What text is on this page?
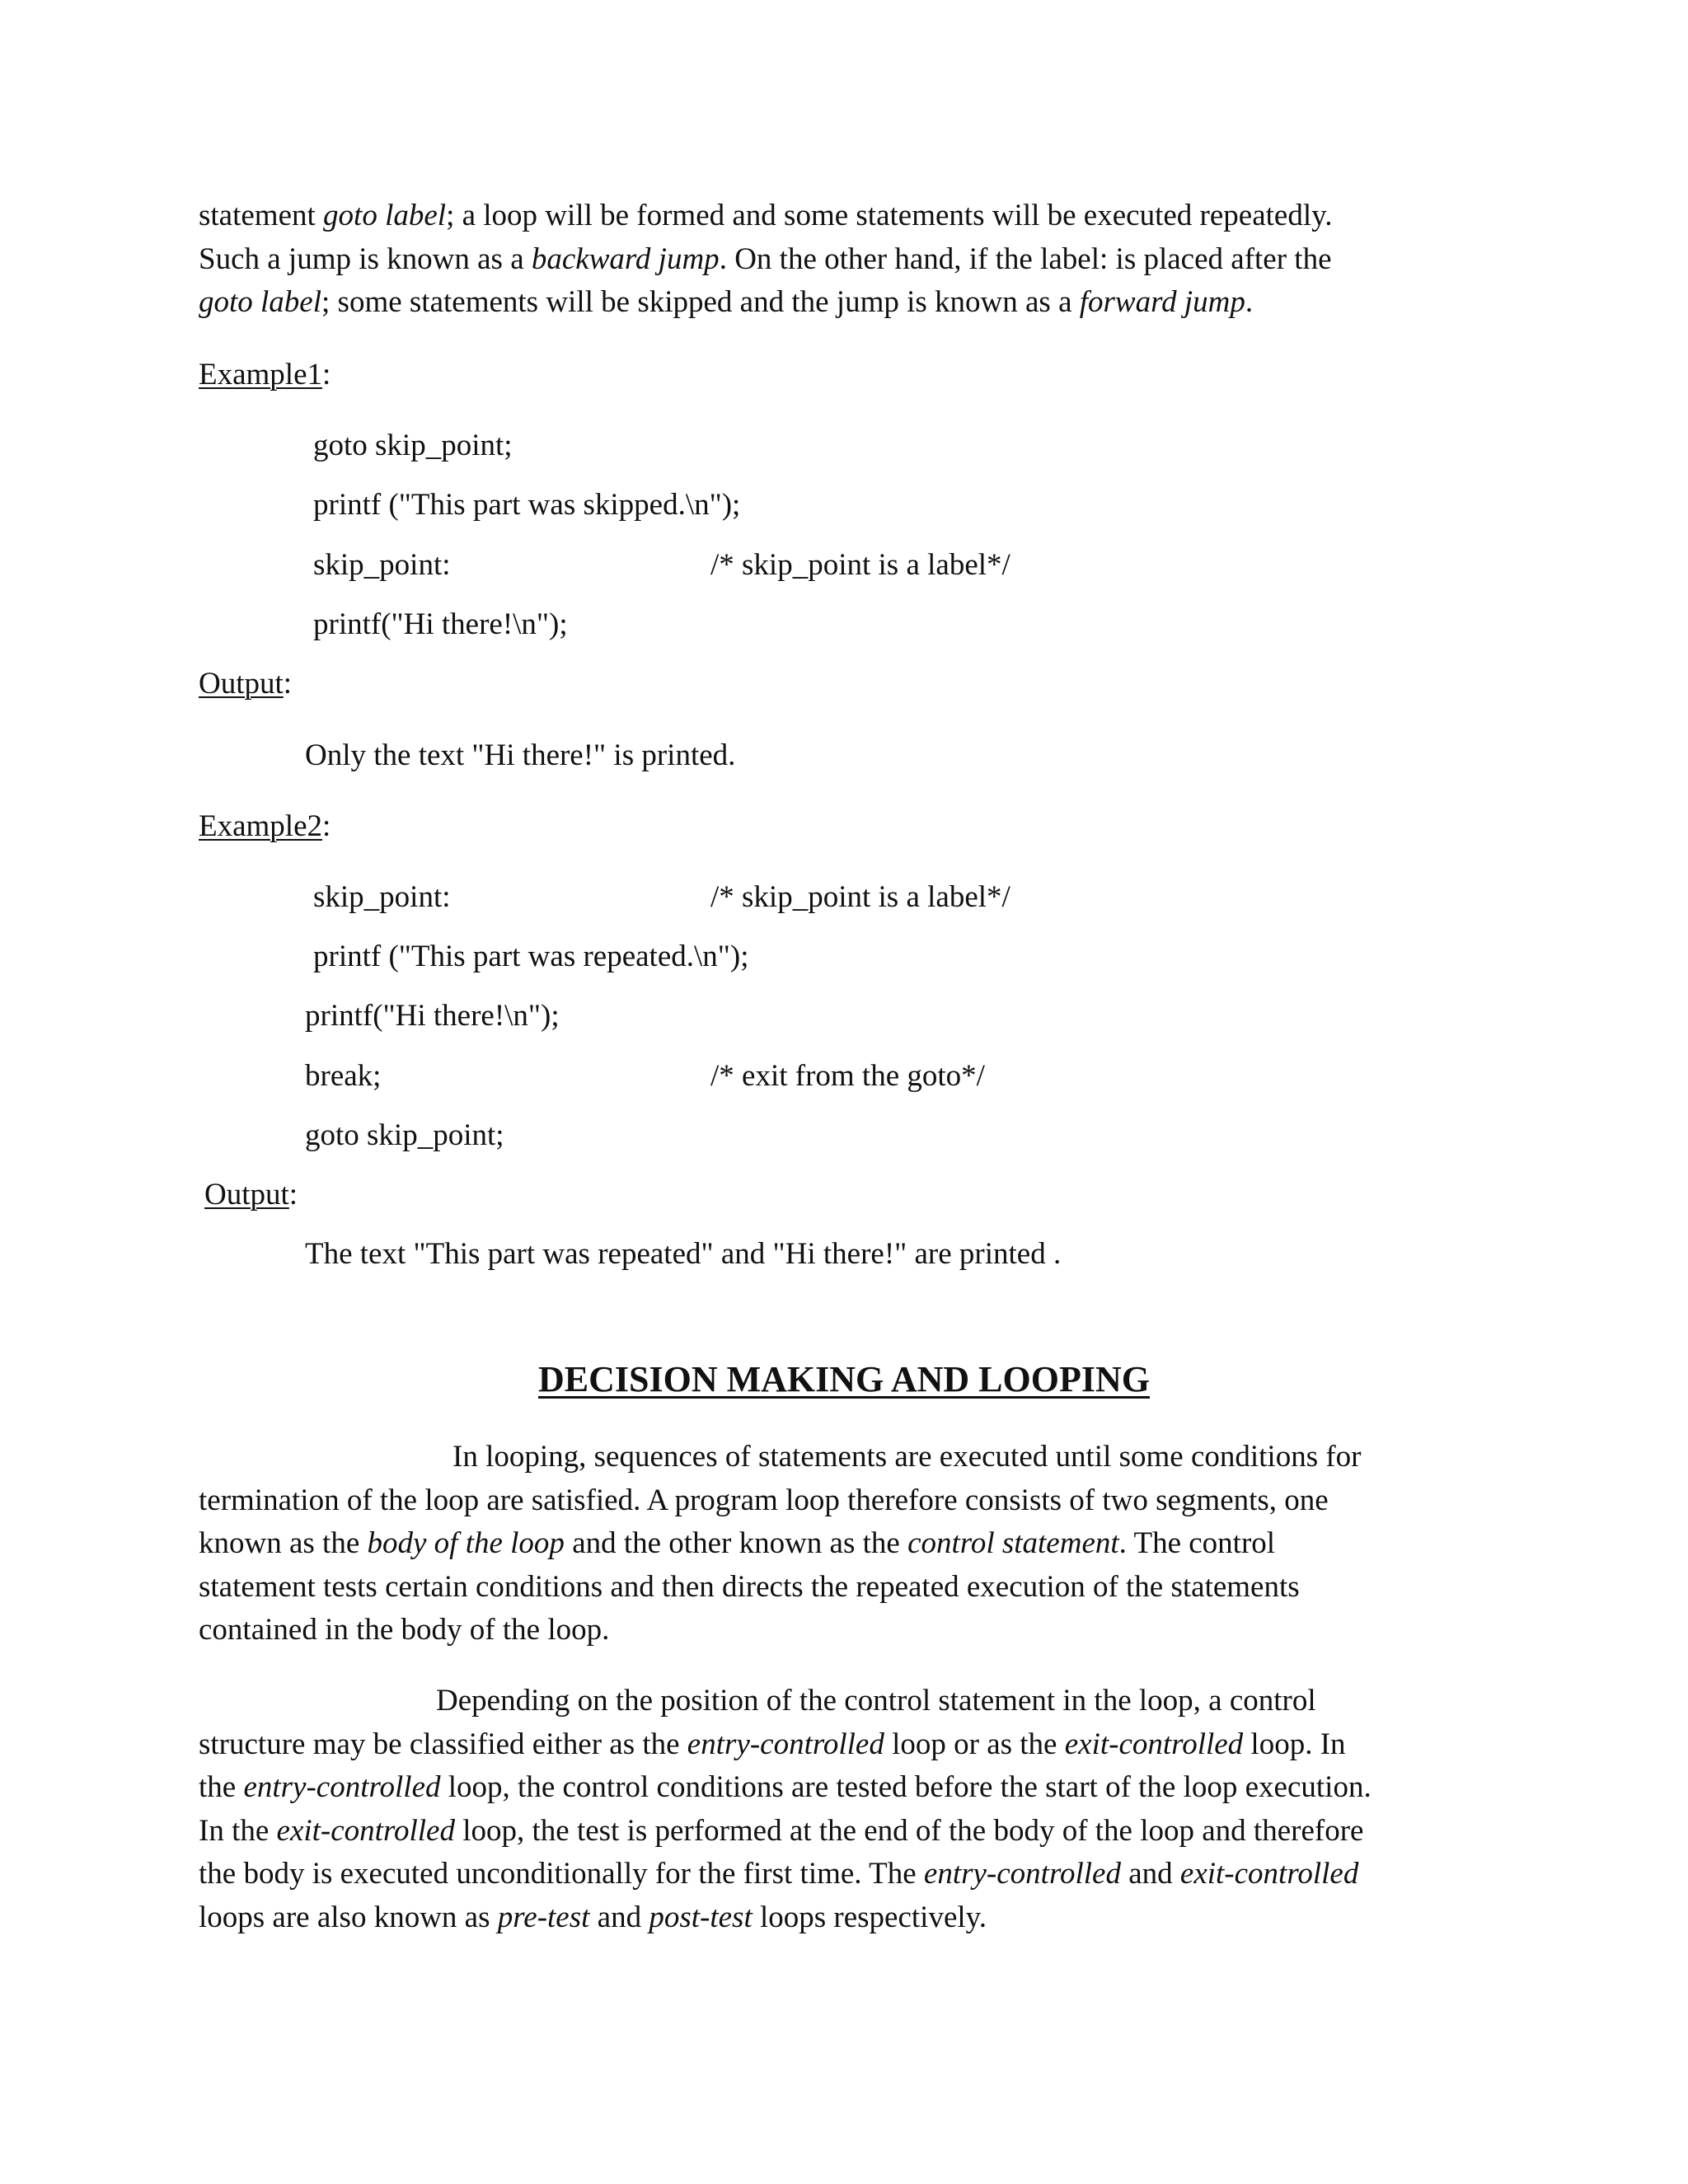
statement goto label; a loop will be formed and some statements will be executed repeatedly.
Such a jump is known as a backward jump. On the other hand, if the label: is placed after the
goto label; some statements will be skipped and the jump is known as a forward jump.

Example1:

goto skip_point;

printf ("This part was skipped.\n");

skip_point:	/* skip_point is a label*/

printf("Hi there!\n");

Output:

Only the text "Hi there!" is printed.

Example2:

skip_point:	/* skip_point is a label*/

printf ("This part was repeated.\n");

printf("Hi there!\n");

break;	/* exit from the goto*/

goto skip_point;

Output:

The text "This part was repeated" and "Hi there!" are printed .

DECISION MAKING AND LOOPING
In looping, sequences of statements are executed until some conditions for
termination of the loop are satisfied. A program loop therefore consists of two segments, one
known as the body of the loop and the other known as the control statement. The control
statement tests certain conditions and then directs the repeated execution of the statements
contained in the body of the loop.
Depending on the position of the control statement in the loop, a control
structure may be classified either as the entry-controlled loop or as the exit-controlled loop. In
the entry-controlled loop, the control conditions are tested before the start of the loop execution.
In the exit-controlled loop, the test is performed at the end of the body of the loop and therefore
the body is executed unconditionally for the first time. The entry-controlled and exit-controlled
loops are also known as pre-test and post-test loops respectively.
